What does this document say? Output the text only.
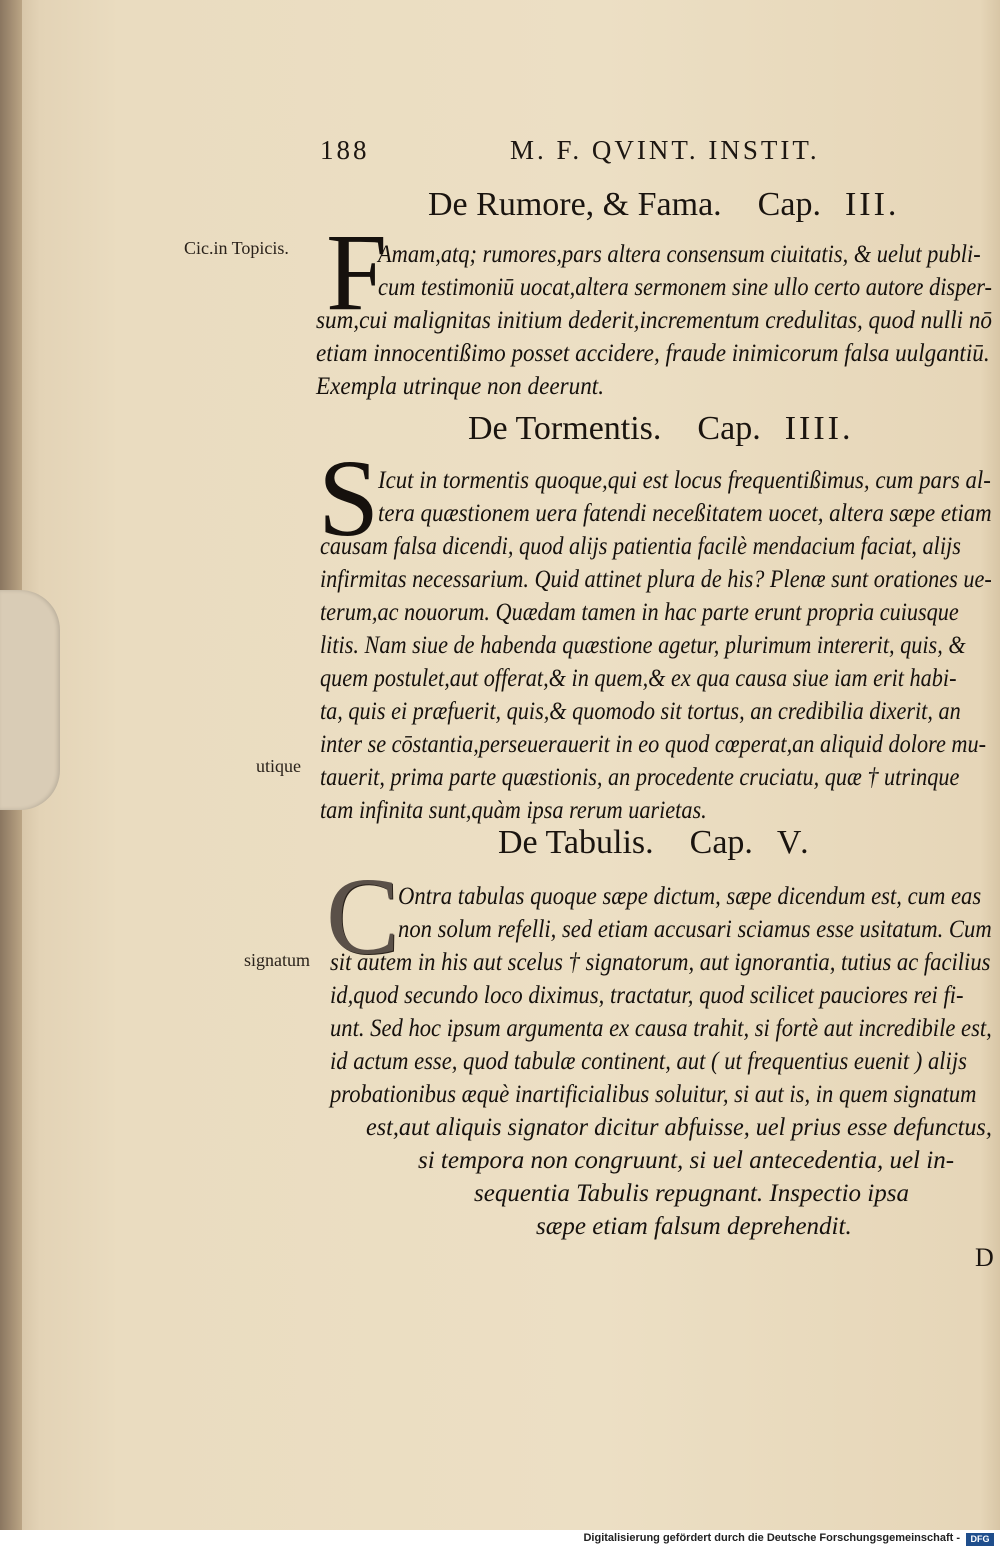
188	M. F. QVINT. INSTIT.
De Rumore, & Fama. Cap. III.
Cic.in Topicis. F
Amam,atq; rumores,pars altera consensum ciuitatis, & uelut publi-
cum testimoniū uocat,altera sermonem sine ullo certo autore disper-
sum,cui malignitas initium dederit,incrementum credulitas, quod nulli nō
etiam innocentißimo posset accidere, fraude inimicorum falsa uulgantiū.
Exempla utrinque non deerunt.
De Tormentis. Cap. IIII.
S
Icut in tormentis quoque,qui est locus frequentißimus, cum pars al-
tera quæstionem uera fatendi neceßitatem uocet, altera sæpe etiam
causam falsa dicendi, quod alijs patientia facilè mendacium faciat, alijs
infirmitas necessarium. Quid attinet plura de his? Plenæ sunt orationes ue-
terum,ac nouorum. Quædam tamen in hac parte erunt propria cuiusque
litis. Nam siue de habenda quæstione agetur, plurimum intererit, quis, &
quem postulet,aut offerat,& in quem,& ex qua causa siue iam erit habi-
ta, quis ei præfuerit, quis,& quomodo sit tortus, an credibilia dixerit, an
inter se cōstantia,perseuerauerit in eo quod cœperat,an aliquid dolore mu-
tauerit, prima parte quæstionis, an procedente cruciatu, quæ † utrinque
tam infinita sunt,quàm ipsa rerum uarietas.
utique
De Tabulis. Cap. V.
C
Ontra tabulas quoque sæpe dictum, sæpe dicendum est, cum eas
non solum refelli, sed etiam accusari sciamus esse usitatum. Cum
signatum sit autem in his aut scelus † signatorum, aut ignorantia, tutius ac facilius
id,quod secundo loco diximus, tractatur, quod scilicet pauciores rei fi-
unt. Sed hoc ipsum argumenta ex causa trahit, si fortè aut incredibile est,
id actum esse, quod tabulæ continent, aut ( ut frequentius euenit ) alijs
probationibus æquè inartificialibus soluitur, si aut is, in quem signatum
est,aut aliquis signator dicitur abfuisse, uel prius esse defunctus,
si tempora non congruunt, si uel antecedentia, uel in-
sequentia Tabulis repugnant. Inspectio ipsa
sæpe etiam falsum deprehendit.
D
Digitalisierung gefördert durch die Deutsche Forschungsgemeinschaft -	DFG
